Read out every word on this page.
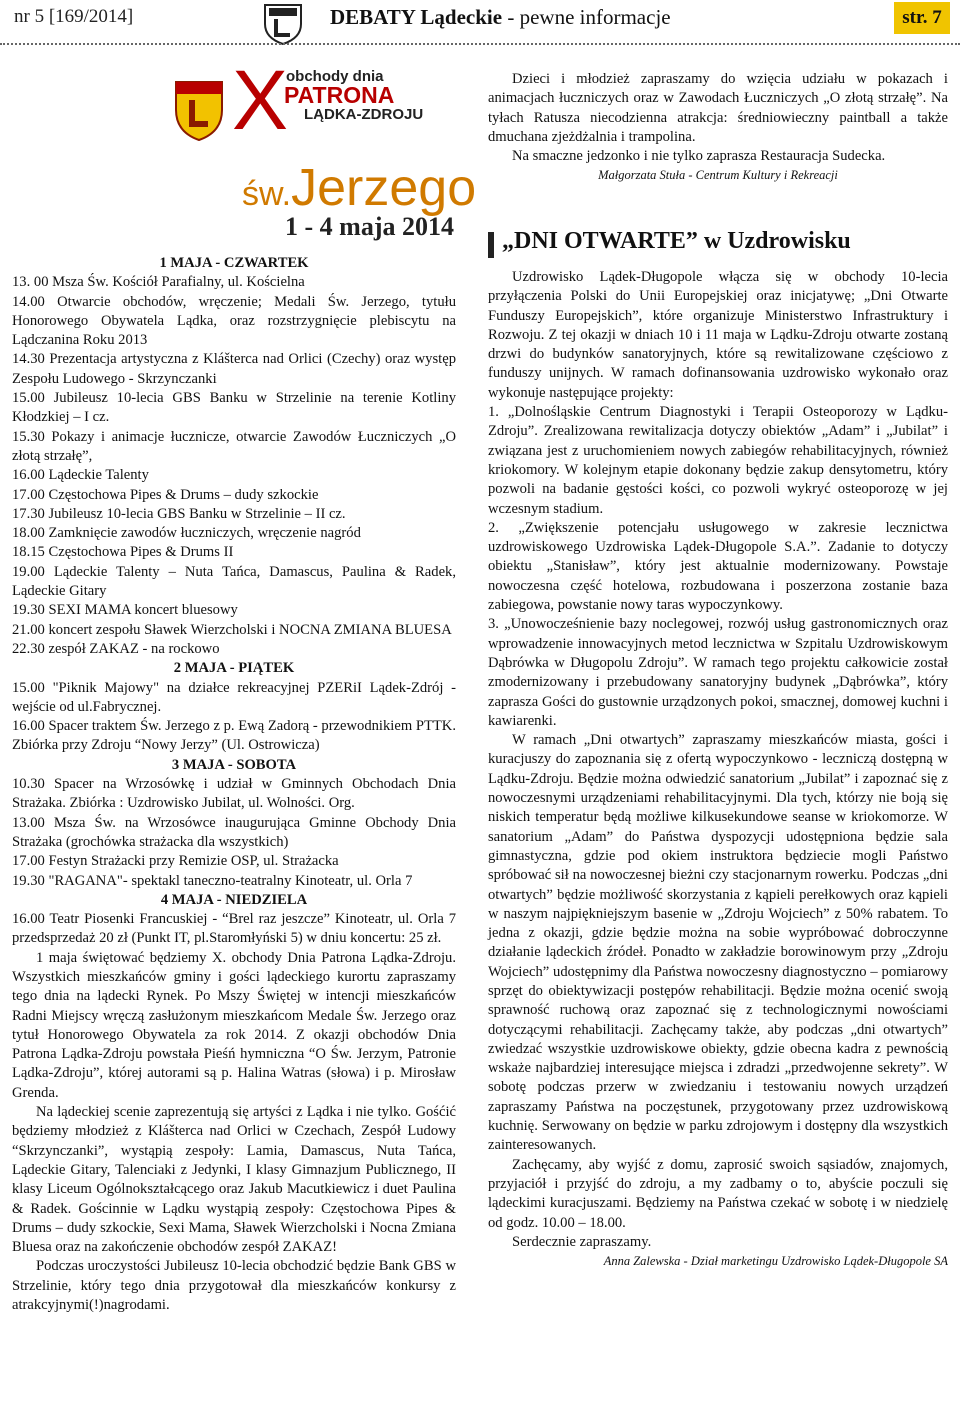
nr 5 [169/2014]	DEBATY Lądeckie - pewne informacje	str. 7
X
obchody dnia
PATRONA
LĄDKA-ZDROJU
św.Jerzego
1 - 4 maja 2014

1 MAJA - CZWARTEK

13. 00 Msza Św. Kościół Parafialny, ul. Kościelna

14.00 Otwarcie obchodów, wręczenie; Medali Św. Jerzego, tytułu Honorowego Obywatela Lądka, oraz rozstrzygnięcie plebiscytu na Lądczanina Roku 2013

14.30 Prezentacja artystyczna z Klášterca nad Orlici (Czechy) oraz występ Zespołu Ludowego - Skrzynczanki

15.00 Jubileusz 10-lecia GBS Banku w Strzelinie na terenie Kotliny Kłodzkiej – I cz.

15.30 Pokazy i animacje łucznicze, otwarcie Zawodów Łuczniczych „O złotą strzałę”,

16.00 Lądeckie Talenty

17.00 Częstochowa Pipes & Drums – dudy szkockie

17.30 Jubileusz 10-lecia GBS Banku w Strzelinie – II cz.

18.00 Zamknięcie zawodów łuczniczych, wręczenie nagród

18.15 Częstochowa Pipes & Drums II

19.00 Lądeckie Talenty – Nuta Tańca, Damascus, Paulina & Radek, Lądeckie Gitary

19.30 SEXI MAMA koncert bluesowy

21.00 koncert zespołu Sławek Wierzcholski i NOCNA ZMIANA BLUESA

22.30 zespół ZAKAZ - na rockowo

2 MAJA - PIĄTEK

15.00 "Piknik Majowy" na działce rekreacyjnej PZERiI Lądek-Zdrój -wejście od ul.Fabrycznej.

16.00 Spacer traktem Św. Jerzego z p. Ewą Zadorą - przewodnikiem PTTK. Zbiórka przy Zdroju “Nowy Jerzy” (Ul. Ostrowicza)

3 MAJA - SOBOTA

10.30 Spacer na Wrzosówkę i udział w Gminnych Obchodach Dnia Strażaka. Zbiórka : Uzdrowisko Jubilat, ul. Wolności. Org.

13.00 Msza Św. na Wrzosówce inaugurująca Gminne Obchody Dnia Strażaka (grochówka strażacka dla wszystkich)

17.00 Festyn Strażacki przy Remizie OSP, ul. Strażacka

19.30 "RAGANA"- spektakl taneczno-teatralny Kinoteatr, ul. Orla 7

4 MAJA - NIEDZIELA

16.00 Teatr Piosenki Francuskiej - “Brel raz jeszcze” Kinoteatr, ul. Orla 7 przedsprzedaż 20 zł (Punkt IT, pl.Staromłyński 5) w dniu koncertu: 25 zł.

1 maja świętować będziemy X. obchody Dnia Patrona Lądka-Zdroju. Wszystkich mieszkańców gminy i gości lądeckiego kurortu zapraszamy tego dnia na lądecki Rynek. Po Mszy Świętej w intencji mieszkańców Radni Miejscy wręczą zasłużonym mieszkańcom Medale Św. Jerzego oraz tytuł Honorowego Obywatela za rok 2014. Z okazji obchodów Dnia Patrona Lądka-Zdroju powstała Pieśń hymniczna “O Św. Jerzym, Patronie Lądka-Zdroju”, której autorami są p. Halina Watras (słowa) i p. Mirosław Grenda.

Na lądeckiej scenie zaprezentują się artyści z Lądka i nie tylko. Gośćić będziemy młodzież z Klášterca nad Orlici w Czechach, Zespół Ludowy “Skrzynczanki”, wystąpią zespoły: Lamia, Damascus, Nuta Tańca, Lądeckie Gitary, Talenciaki z Jedynki, I klasy Gimnazjum Publicznego, II klasy Liceum Ogólnokształcącego oraz Jakub Macutkiewicz i duet Paulina & Radek. Gościnnie w Lądku wystąpią zespoły: Częstochowa Pipes & Drums – dudy szkockie, Sexi Mama, Sławek Wierzcholski i Nocna Zmiana Bluesa oraz na zakończenie obchodów zespół ZAKAZ!

Podczas uroczystości Jubileusz 10-lecia obchodzić będzie Bank GBS w Strzelinie, który tego dnia przygotował dla mieszkańców konkursy z atrakcyjnymi(!)nagrodami.

Dzieci i młodzież zapraszamy do wzięcia udziału w pokazach i animacjach łuczniczych oraz w Zawodach Łuczniczych „O złotą strzałę”. Na tyłach Ratusza niecodzienna atrakcja: średniowieczny paintball a także dmuchana zjeżdżalnia i trampolina.

Na smaczne jedzonko i nie tylko zaprasza Restauracja Sudecka.

Małgorzata Stuła - Centrum Kultury i Rekreacji

„DNI OTWARTE” w Uzdrowisku

Uzdrowisko Lądek-Długopole włącza się w obchody 10-lecia przyłączenia Polski do Unii Europejskiej oraz inicjatywę; „Dni Otwarte Funduszy Europejskich”, które organizuje Ministerstwo Infrastruktury i Rozwoju. Z tej okazji w dniach 10 i 11 maja w Lądku-Zdroju otwarte zostaną drzwi do budynków sanatoryjnych, które są rewitalizowane częściowo z funduszy unijnych. W ramach dofinansowania uzdrowisko wykonało oraz wykonuje następujące projekty:

1. „Dolnośląskie Centrum Diagnostyki i Terapii Osteoporozy w Lądku-Zdroju”. Zrealizowana rewitalizacja dotyczy obiektów „Adam” i „Jubilat” i związana jest z uruchomieniem nowych zabiegów rehabilitacyjnych, również kriokomory. W kolejnym etapie dokonany będzie zakup densytometru, który pozwoli na badanie gęstości kości, co pozwoli wykryć osteoporozę w jej wczesnym stadium.

2. „Zwiększenie potencjału usługowego w zakresie lecznictwa uzdrowiskowego Uzdrowiska Lądek-Długopole S.A.”. Zadanie to dotyczy obiektu „Stanisław”, który jest aktualnie modernizowany. Powstaje nowoczesna część hotelowa, rozbudowana i poszerzona zostanie baza zabiegowa, powstanie nowy taras wypoczynkowy.

3. „Unowocześnienie bazy noclegowej, rozwój usług gastronomicznych oraz wprowadzenie innowacyjnych metod lecznictwa w Szpitalu Uzdrowiskowym Dąbrówka w Długopolu Zdroju”. W ramach tego projektu całkowicie został zmodernizowany i przebudowany sanatoryjny budynek „Dąbrówka”, który zaprasza Gości do gustownie urządzonych pokoi, smacznej, domowej kuchni i kawiarenki.

W ramach „Dni otwartych” zapraszamy mieszkańców miasta, gości i kuracjuszy do zapoznania się z ofertą wypoczynkowo - leczniczą dostępną w Lądku-Zdroju. Będzie można odwiedzić sanatorium „Jubilat” i zapoznać się z nowoczesnymi urządzeniami rehabilitacyjnymi. Dla tych, którzy nie boją się niskich temperatur będą możliwe kilkusekundowe seanse w kriokomorze. W sanatorium „Adam” do Państwa dyspozycji udostępniona będzie sala gimnastyczna, gdzie pod okiem instruktora będziecie mogli Państwo spróbować sił na nowoczesnej bieżni czy stacjonarnym rowerku. Podczas „dni otwartych” będzie możliwość skorzystania z kąpieli perełkowych oraz kąpieli w naszym najpiękniejszym basenie w „Zdroju Wojciech” z 50% rabatem. To jedna z okazji, gdzie będzie można na sobie wypróbować dobroczynne działanie lądeckich źródeł. Ponadto w zakładzie borowinowym przy „Zdroju Wojciech” udostępnimy dla Państwa nowoczesny diagnostyczno – pomiarowy sprzęt do obiektywizacji postępów rehabilitacji. Będzie można ocenić swoją sprawność ruchową oraz zapoznać się z technologicznymi nowościami dotyczącymi rehabilitacji. Zachęcamy także, aby podczas „dni otwartych” zwiedzać wszystkie uzdrowiskowe obiekty, gdzie obecna kadra z pewnością wskaże najbardziej interesujące miejsca i zdradzi „przedwojenne sekrety”. W sobotę podczas przerw w zwiedzaniu i testowaniu nowych urządzeń zapraszamy Państwa na poczęstunek, przygotowany przez uzdrowiskową kuchnię. Serwowany on będzie w parku zdrojowym i dostępny dla wszystkich zainteresowanych.

Zachęcamy, aby wyjść z domu, zaprosić swoich sąsiadów, znajomych, przyjaciół i przyjść do zdroju, a my zadbamy o to, abyście poczuli się lądeckimi kuracjuszami. Będziemy na Państwa czekać w sobotę i w niedzielę od godz. 10.00 – 18.00.

Serdecznie zapraszamy.

Anna Zalewska - Dział marketingu Uzdrowisko Lądek-Długopole SA
